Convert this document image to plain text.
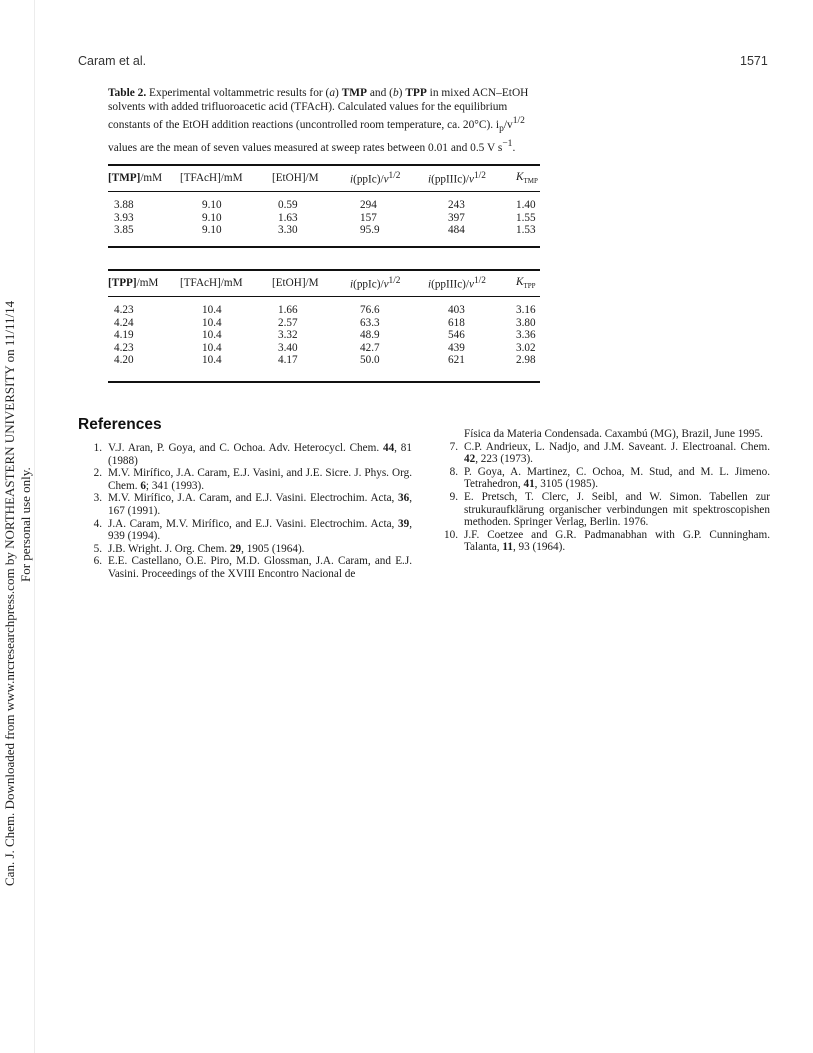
Can. J. Chem. Downloaded from www.nrcresearchpress.com by NORTHEASTERN UNIVERSITY on 11/11/14 For personal use only.
Caram et al.	1571
Table 2. Experimental voltammetric results for (a) TMP and (b) TPP in mixed ACN–EtOH solvents with added trifluoroacetic acid (TFAcH). Calculated values for the equilibrium constants of the EtOH addition reactions (uncontrolled room temperature, ca. 20°C). $i_p/v^{1/2}$ values are the mean of seven values measured at sweep rates between 0.01 and 0.5 V $s^{-1}$.
[TMP]/mM	[TFAcH]/mM	[EtOH]/M	$i(ppIc)/v^{1/2}$	$i(ppIIIc)/v^{1/2}$	$K_{TMP}$

3.88	9.10	0.59	294	243	1.40
3.93	9.10	1.63	157	397	1.55
3.85	9.10	3.30	95.9	484	1.53
[TPP]/mM	[TFAcH]/mM	[EtOH]/M	$i(ppIc)/v^{1/2}$	$i(ppIIIc)/v^{1/2}$	$K_{TPP}$

4.23	10.4	1.66	76.6	403	3.16
4.24	10.4	2.57	63.3	618	3.80
4.19	10.4	3.32	48.9	546	3.36
4.23	10.4	3.40	42.7	439	3.02
4.20	10.4	4.17	50.0	621	2.98
References
1. V.J. Aran, P. Goya, and C. Ochoa. Adv. Heterocycl. Chem. 44, 81 (1988)
2. M.V. Mirífico, J.A. Caram, E.J. Vasini, and J.E. Sicre. J. Phys. Org. Chem. 6; 341 (1993).
3. M.V. Mirífico, J.A. Caram, and E.J. Vasini. Electrochim. Acta, 36, 167 (1991).
4. J.A. Caram, M.V. Mirífico, and E.J. Vasini. Electrochim. Acta, 39, 939 (1994).
5. J.B. Wright. J. Org. Chem. 29, 1905 (1964).
6. E.E. Castellano, O.E. Piro, M.D. Glossman, J.A. Caram, and E.J. Vasini. Proceedings of the XVIII Encontro Nacional de
Física da Materia Condensada. Caxambú (MG), Brazil, June 1995.
7. C.P. Andrieux, L. Nadjo, and J.M. Saveant. J. Electroanal. Chem. 42, 223 (1973).
8. P. Goya, A. Martinez, C. Ochoa, M. Stud, and M. L. Jimeno. Tetrahedron, 41, 3105 (1985).
9. E. Pretsch, T. Clerc, J. Seibl, and W. Simon. Tabellen zur strukuraufklärung organischer verbindungen mit spektroscopishen methoden. Springer Verlag, Berlin. 1976.
10. J.F. Coetzee and G.R. Padmanabhan with G.P. Cunningham. Talanta, 11, 93 (1964).
